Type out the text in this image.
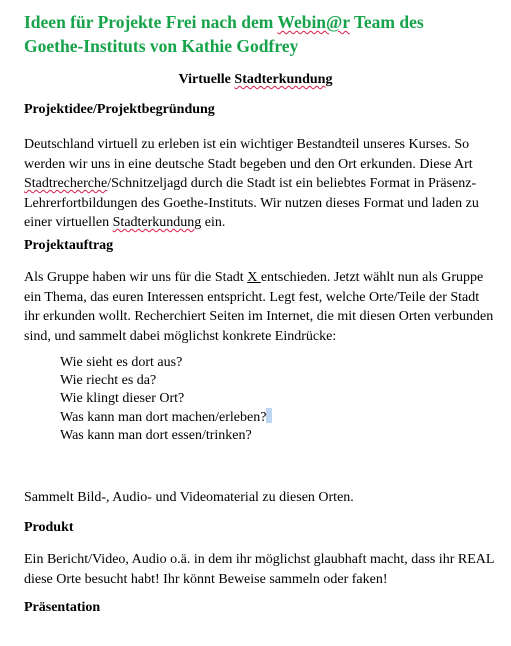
Ideen für Projekte Frei nach dem Webin@r Team des
Goethe-Instituts von Kathie Godfrey
Virtuelle Stadterkundung
Projektidee/Projektbegründung
Deutschland virtuell zu erleben ist ein wichtiger Bestandteil unseres Kurses. So werden wir uns in eine deutsche Stadt begeben und den Ort erkunden. Diese Art Stadtrecherche/Schnitzeljagd durch die Stadt ist ein beliebtes Format in Präsenz-Lehrerfortbildungen des Goethe-Instituts. Wir nutzen dieses Format und laden zu einer virtuellen Stadterkundung ein.
Projektauftrag
Als Gruppe haben wir uns für die Stadt X entschieden. Jetzt wählt nun als Gruppe ein Thema, das euren Interessen entspricht. Legt fest, welche Orte/Teile der Stadt ihr erkunden wollt. Recherchiert Seiten im Internet, die mit diesen Orten verbunden sind, und sammelt dabei möglichst konkrete Eindrücke:
Wie sieht es dort aus?
Wie riecht es da?
Wie klingt dieser Ort?
Was kann man dort machen/erleben?
Was kann man dort essen/trinken?
Sammelt Bild-, Audio- und Videomaterial zu diesen Orten.
Produkt
Ein Bericht/Video, Audio o.ä. in dem ihr möglichst glaubhaft macht, dass ihr REAL diese Orte besucht habt! Ihr könnt Beweise sammeln oder faken!
Präsentation
